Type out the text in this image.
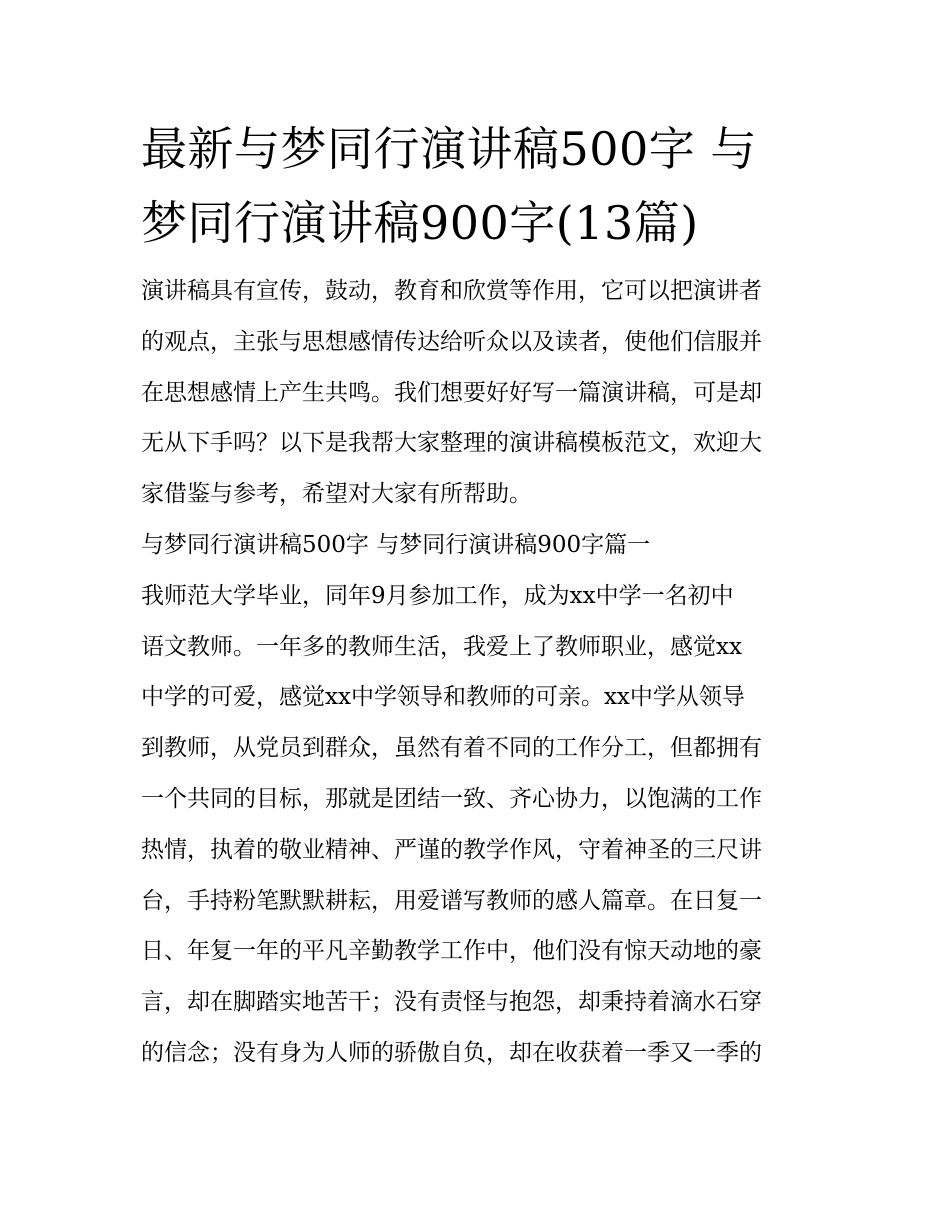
最新与梦同行演讲稿500字 与
梦同行演讲稿900字(13篇)

演讲稿具有宣传，鼓动，教育和欣赏等作用，它可以把演讲者

的观点，主张与思想感情传达给听众以及读者，使他们信服并

在思想感情上产生共鸣。我们想要好好写一篇演讲稿，可是却

无从下手吗？以下是我帮大家整理的演讲稿模板范文，欢迎大

家借鉴与参考，希望对大家有所帮助。

与梦同行演讲稿500字 与梦同行演讲稿900字篇一

我师范大学毕业，同年9月参加工作，成为xx中学一名初中

语文教师。一年多的教师生活，我爱上了教师职业，感觉xx

中学的可爱，感觉xx中学领导和教师的可亲。xx中学从领导

到教师，从党员到群众，虽然有着不同的工作分工，但都拥有

一个共同的目标，那就是团结一致、齐心协力，以饱满的工作

热情，执着的敬业精神、严谨的教学作风，守着神圣的三尺讲

台，手持粉笔默默耕耘，用爱谱写教师的感人篇章。在日复一

日、年复一年的平凡辛勤教学工作中，他们没有惊天动地的豪

言，却在脚踏实地苦干；没有责怪与抱怨，却秉持着滴水石穿

的信念；没有身为人师的骄傲自负，却在收获着一季又一季的
